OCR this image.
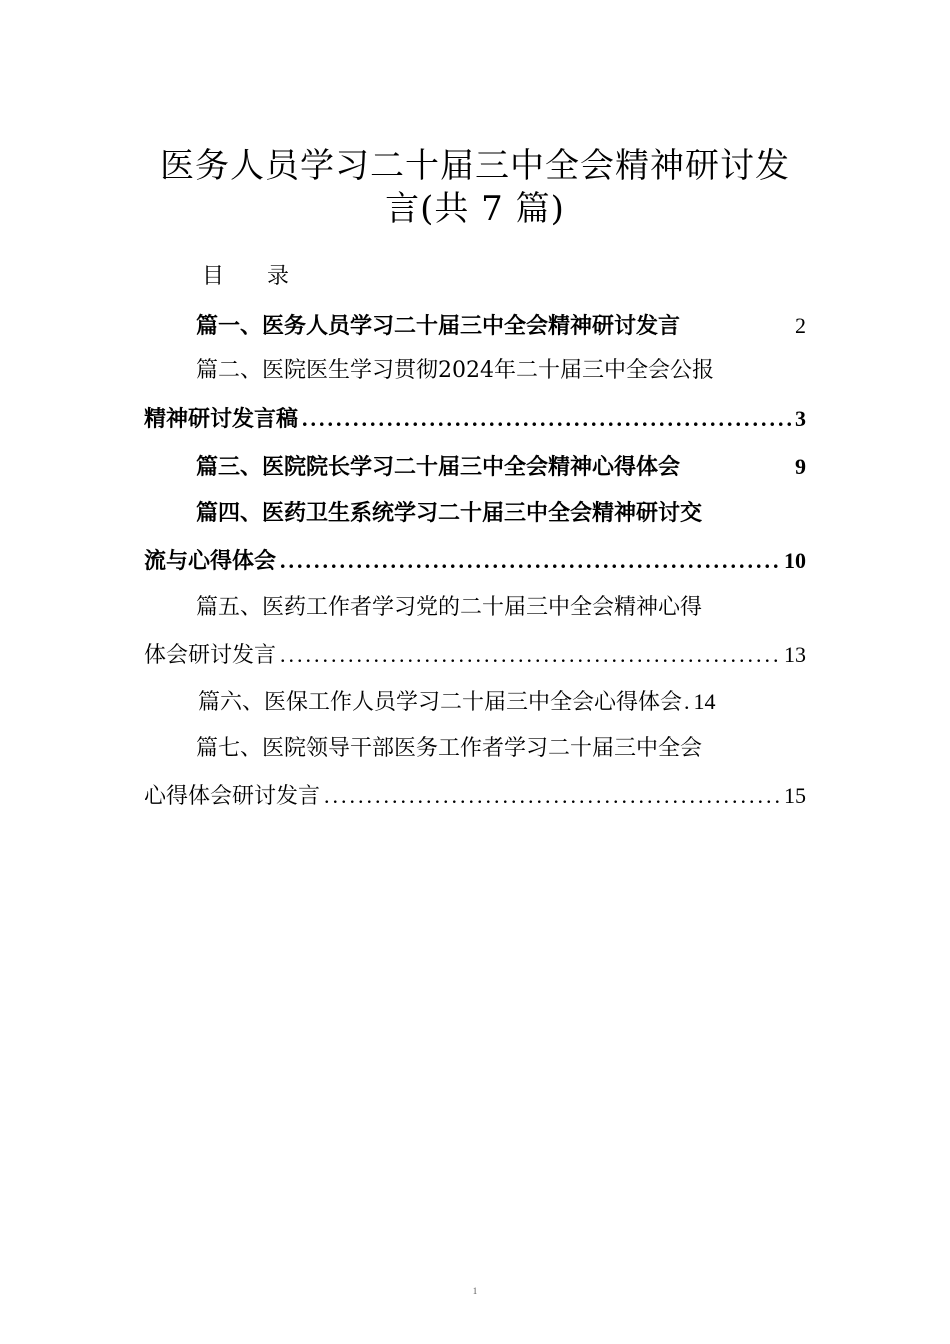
医务人员学习二十届三中全会精神研讨发
言(共 7 篇)
目 录
篇一、医务人员学习二十届三中全会精神研讨发言	2
篇二、医院医生学习贯彻2024年二十届三中全会公报
精神研讨发言稿 .....	3
篇三、医院院长学习二十届三中全会精神心得体会	9
篇四、医药卫生系统学习二十届三中全会精神研讨交
流与心得体会 .....	10
篇五、医药工作者学习党的二十届三中全会精神心得
体会研讨发言 .....	13
篇六、医保工作人员学习二十届三中全会心得体会 . 14
篇七、医院领导干部医务工作者学习二十届三中全会
心得体会研讨发言 .....	15
1
